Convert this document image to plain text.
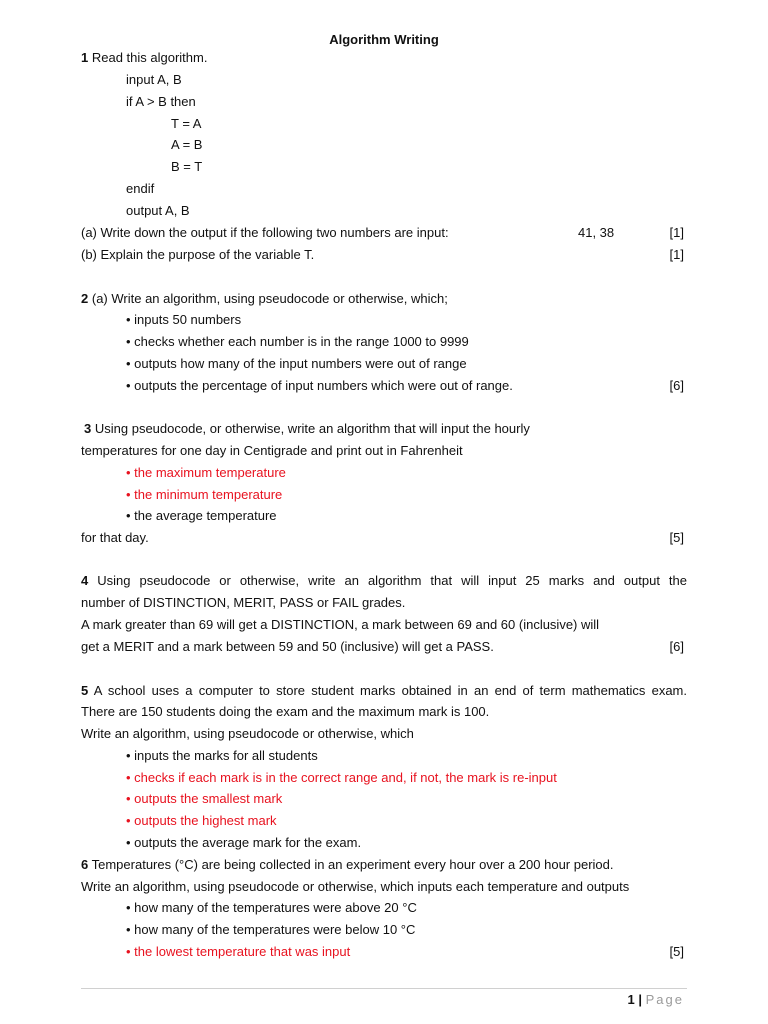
Algorithm Writing
1 Read this algorithm.
input A, B
if A > B then
T = A
A = B
B = T
endif
output A, B
(a) Write down the output if the following two numbers are input:	41, 38	[1]
(b) Explain the purpose of the variable T.	[1]
2 (a) Write an algorithm, using pseudocode or otherwise, which;
• inputs 50 numbers
• checks whether each number is in the range 1000 to 9999
• outputs how many of the input numbers were out of range
• outputs the percentage of input numbers which were out of range.	[6]
3 Using pseudocode, or otherwise, write an algorithm that will input the hourly
temperatures for one day in Centigrade and print out in Fahrenheit
• the maximum temperature
• the minimum temperature
• the average temperature
for that day.	[5]
4 Using pseudocode or otherwise, write an algorithm that will input 25 marks and output the
number of DISTINCTION, MERIT, PASS or FAIL grades.
A mark greater than 69 will get a DISTINCTION, a mark between 69 and 60 (inclusive) will
get a MERIT and a mark between 59 and 50 (inclusive) will get a PASS.	[6]
5 A school uses a computer to store student marks obtained in an end of term mathematics exam.
There are 150 students doing the exam and the maximum mark is 100.
Write an algorithm, using pseudocode or otherwise, which
• inputs the marks for all students
• checks if each mark is in the correct range and, if not, the mark is re-input
• outputs the smallest mark
• outputs the highest mark
• outputs the average mark for the exam.
6 Temperatures (°C) are being collected in an experiment every hour over a 200 hour period.
Write an algorithm, using pseudocode or otherwise, which inputs each temperature and outputs
• how many of the temperatures were above 20 °C
• how many of the temperatures were below 10 °C
• the lowest temperature that was input	[5]
1 | Page
